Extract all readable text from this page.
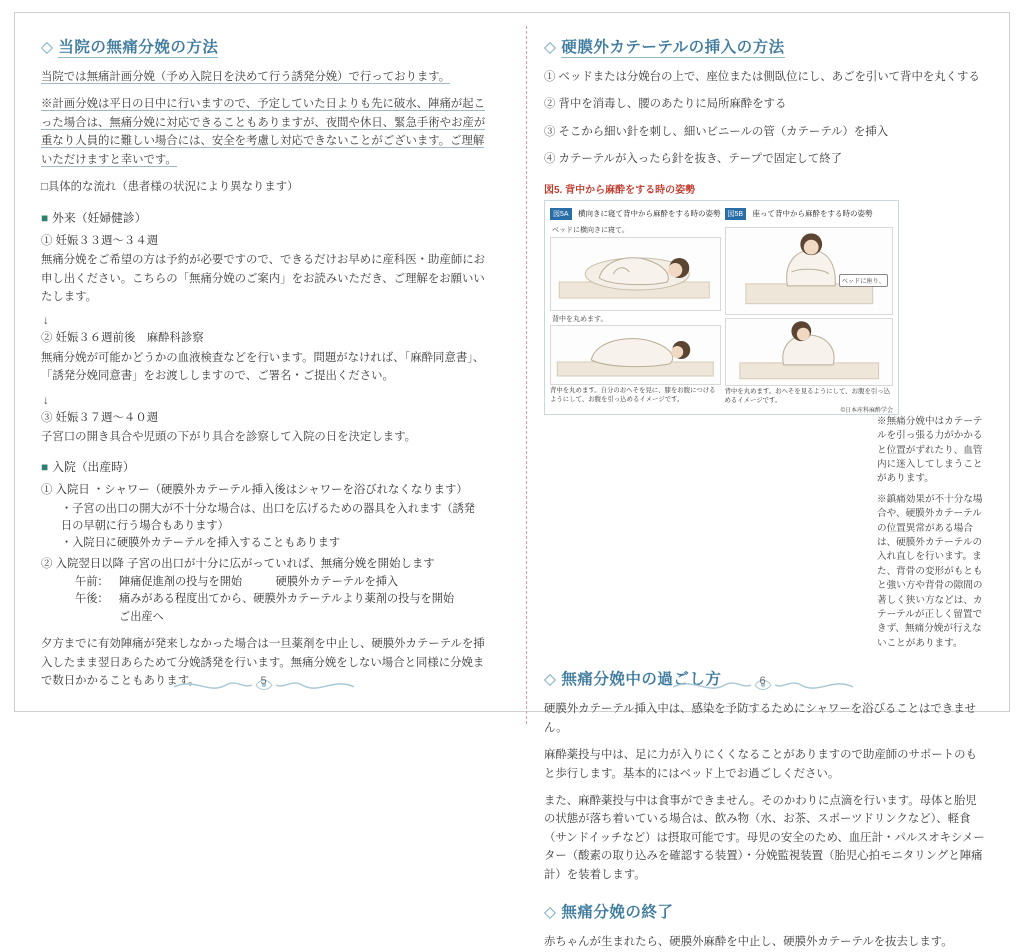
◇ 当院の無痛分娩の方法

当院では無痛計画分娩（予め入院日を決めて行う誘発分娩）で行っております。

※計画分娩は平日の日中に行いますので、予定していた日よりも先に破水、陣痛が起こった場合は、無痛分娩に対応できることもありますが、夜間や休日、緊急手術やお産が重なり人員的に難しい場合には、安全を考慮し対応できないことがございます。ご理解いただけますと幸いです。

□具体的な流れ（患者様の状況により異なります）

■ 外来（妊婦健診）
① 妊娠３３週～３４週

無痛分娩をご希望の方は予約が必要ですので、できるだけお早めに産科医・助産師にお申し出ください。こちらの「無痛分娩のご案内」をお読みいただき、ご理解をお願いいたします。

↓
② 妊娠３６週前後　麻酔科診察

無痛分娩が可能かどうかの血液検査などを行います。問題がなければ、「麻酔同意書」、「誘発分娩同意書」をお渡ししますので、ご署名・ご提出ください。

↓
③ 妊娠３７週～４０週

子宮口の開き具合や児頭の下がり具合を診察して入院の日を決定します。

■ 入院（出産時）
① 入院日 ・シャワー（硬膜外カテーテル挿入後はシャワーを浴びれなくなります）
・子宮の出口の開大が不十分な場合は、出口を広げるための器具を入れます（誘発日の早朝に行う場合もあります）
・入院日に硬膜外カテーテルを挿入することもあります
② 入院翌日以降 子宮の出口が十分に広がっていれば、無痛分娩を開始します
午前： 陣痛促進剤の投与を開始　　　硬膜外カテーテルを挿入
午後： 痛みがある程度出てから、硬膜外カテーテルより薬剤の投与を開始
ご出産へ

夕方までに有効陣痛が発来しなかった場合は一旦薬剤を中止し、硬膜外カテーテルを挿入したまま翌日あらためて分娩誘発を行います。無痛分娩をしない場合と同様に分娩まで数日かかることもあります。	5
◇ 硬膜外カテーテルの挿入の方法

① ベッドまたは分娩台の上で、座位または側臥位にし、あごを引いて背中を丸くする

② 背中を消毒し、腰のあたりに局所麻酔をする

③ そこから細い針を刺し、細いビニールの管（カテーテル）を挿入

④ カテーテルが入ったら針を抜き、テープで固定して終了

図5. 背中から麻酔をする時の姿勢
図5A 横向きに寝て背中から麻酔をする時の姿勢
ベッドに横向きに寝て。
背中を丸めます。
背中を丸めます。自分のおへそを見に、膝をお腹につけるようにして、お腹を引っ込めるイメージです。
図5B 座って背中から麻酔をする時の姿勢
ベッドに座り、
背中を丸めます。おへそを見るようにして、お腹を引っ込めるイメージです。
©日本産科麻酔学会

※無痛分娩中はカテーテルを引っ張る力がかかると位置がずれたり、血管内に迷入してしまうことがあります。

※鎮痛効果が不十分な場合や、硬膜外カテーテルの位置異常がある場合は、硬膜外カテーテルの入れ直しを行います。また、背骨の変形がもともと強い方や背骨の隙間の著しく狭い方などは、カテーテルが正しく留置できず、無痛分娩が行えないことがあります。

◇ 無痛分娩中の過ごし方

硬膜外カテーテル挿入中は、感染を予防するためにシャワーを浴びることはできません。

麻酔薬投与中は、足に力が入りにくくなることがありますので助産師のサポートのもと歩行します。基本的にはベッド上でお過ごしください。

また、麻酔薬投与中は食事ができません。そのかわりに点滴を行います。母体と胎児の状態が落ち着いている場合は、飲み物（水、お茶、スポーツドリンクなど）、軽食（サンドイッチなど）は摂取可能です。母児の安全のため、血圧計・パルスオキシメーター（酸素の取り込みを確認する装置）・分娩監視装置（胎児心拍モニタリングと陣痛計）を装着します。

◇ 無痛分娩の終了

赤ちゃんが生まれたら、硬膜外麻酔を中止し、硬膜外カテーテルを抜去します。

6
